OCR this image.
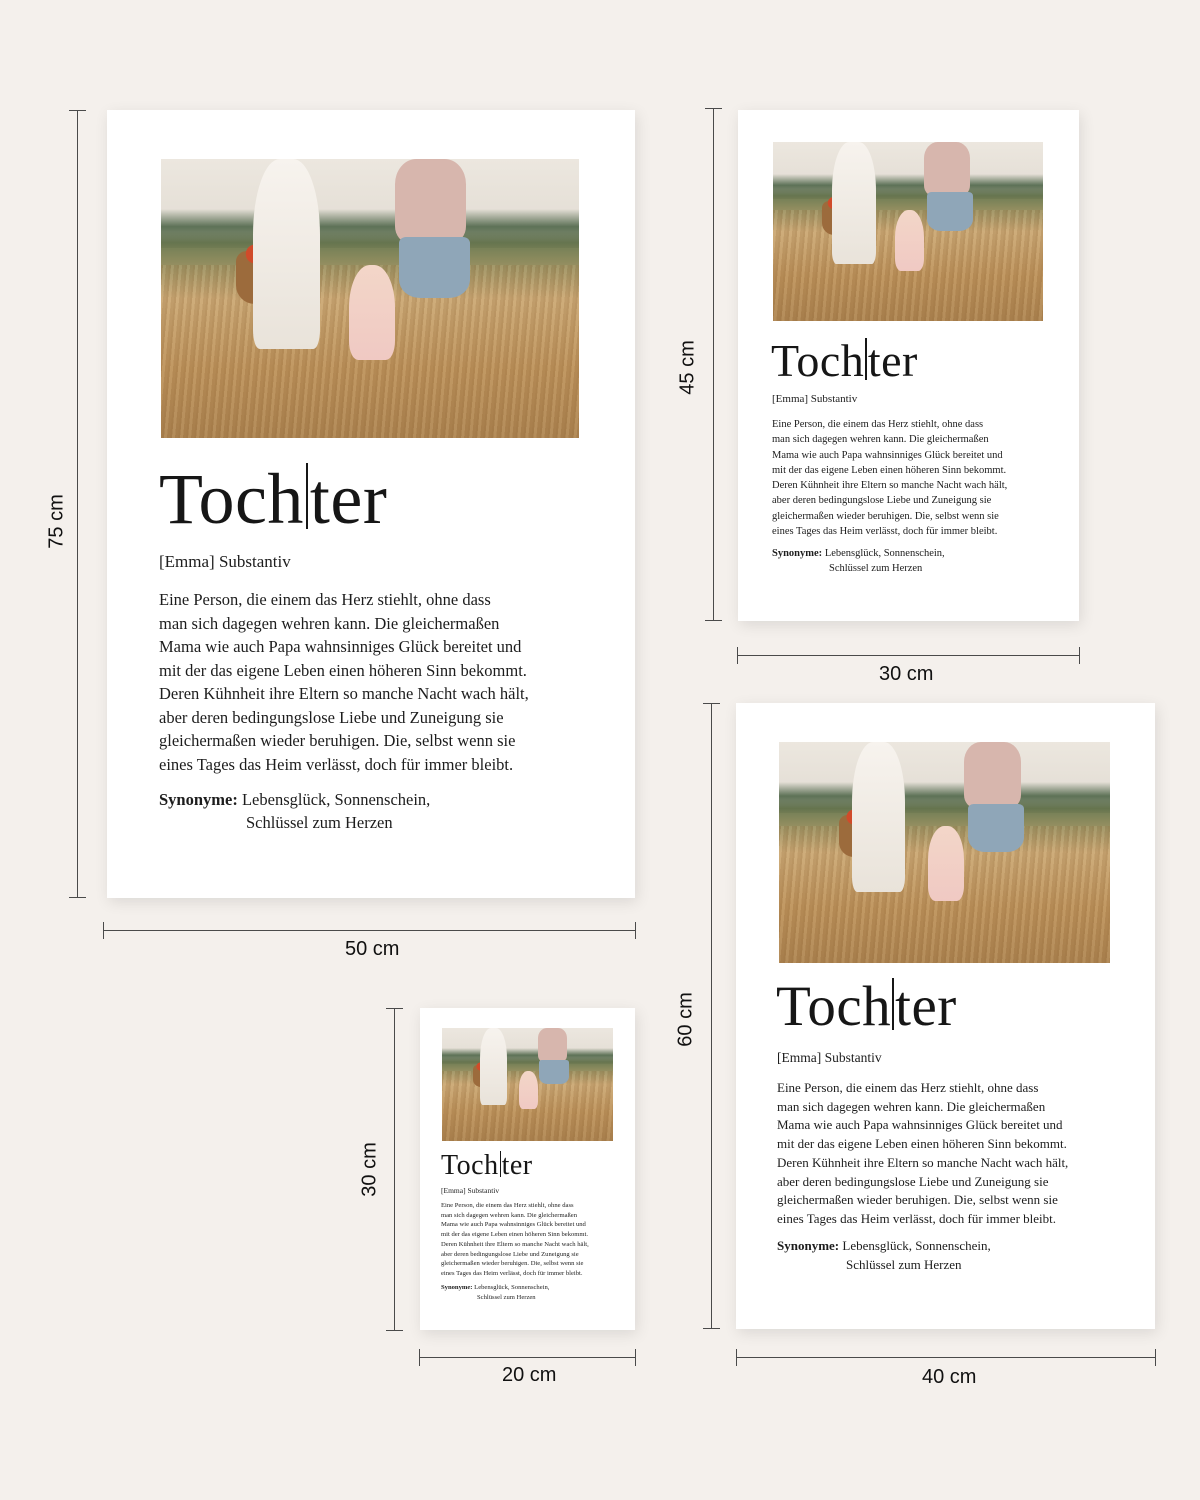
Tochter
[Emma] Substantiv
Eine Person, die einem das Herz stiehlt, ohne dass
man sich dagegen wehren kann. Die gleichermaßen
Mama wie auch Papa wahnsinniges Glück bereitet und
mit der das eigene Leben einen höheren Sinn bekommt.
Deren Kühnheit ihre Eltern so manche Nacht wach hält,
aber deren bedingungslose Liebe und Zuneigung sie
gleichermaßen wieder beruhigen. Die, selbst wenn sie
eines Tages das Heim verlässt, doch für immer bleibt.
Synonyme: Lebensglück, Sonnenschein,
Schlüssel zum Herzen
75 cm
50 cm
Tochter
[Emma] Substantiv
Eine Person, die einem das Herz stiehlt, ohne dass
man sich dagegen wehren kann. Die gleichermaßen
Mama wie auch Papa wahnsinniges Glück bereitet und
mit der das eigene Leben einen höheren Sinn bekommt.
Deren Kühnheit ihre Eltern so manche Nacht wach hält,
aber deren bedingungslose Liebe und Zuneigung sie
gleichermaßen wieder beruhigen. Die, selbst wenn sie
eines Tages das Heim verlässt, doch für immer bleibt.
Synonyme: Lebensglück, Sonnenschein,
Schlüssel zum Herzen
45 cm
30 cm
Tochter
[Emma] Substantiv
Eine Person, die einem das Herz stiehlt, ohne dass
man sich dagegen wehren kann. Die gleichermaßen
Mama wie auch Papa wahnsinniges Glück bereitet und
mit der das eigene Leben einen höheren Sinn bekommt.
Deren Kühnheit ihre Eltern so manche Nacht wach hält,
aber deren bedingungslose Liebe und Zuneigung sie
gleichermaßen wieder beruhigen. Die, selbst wenn sie
eines Tages das Heim verlässt, doch für immer bleibt.
Synonyme: Lebensglück, Sonnenschein,
Schlüssel zum Herzen
60 cm
40 cm
Toch ter
[Emma] Substantiv
Eine Person, die einem das Herz stiehlt, ohne dass
man sich dagegen wehren kann. Die gleichermaßen
Mama wie auch Papa wahnsinniges Glück bereitet und
mit der das eigene Leben einen höheren Sinn bekommt.
Deren Kühnheit ihre Eltern so manche Nacht wach hält,
aber deren bedingungslose Liebe und Zuneigung sie
gleichermaßen wieder beruhigen. Die, selbst wenn sie
eines Tages das Heim verlässt, doch für immer bleibt.
Synonyme: Lebensglück, Sonnenschein,
Schlüssel zum Herzen
30 cm
20 cm
